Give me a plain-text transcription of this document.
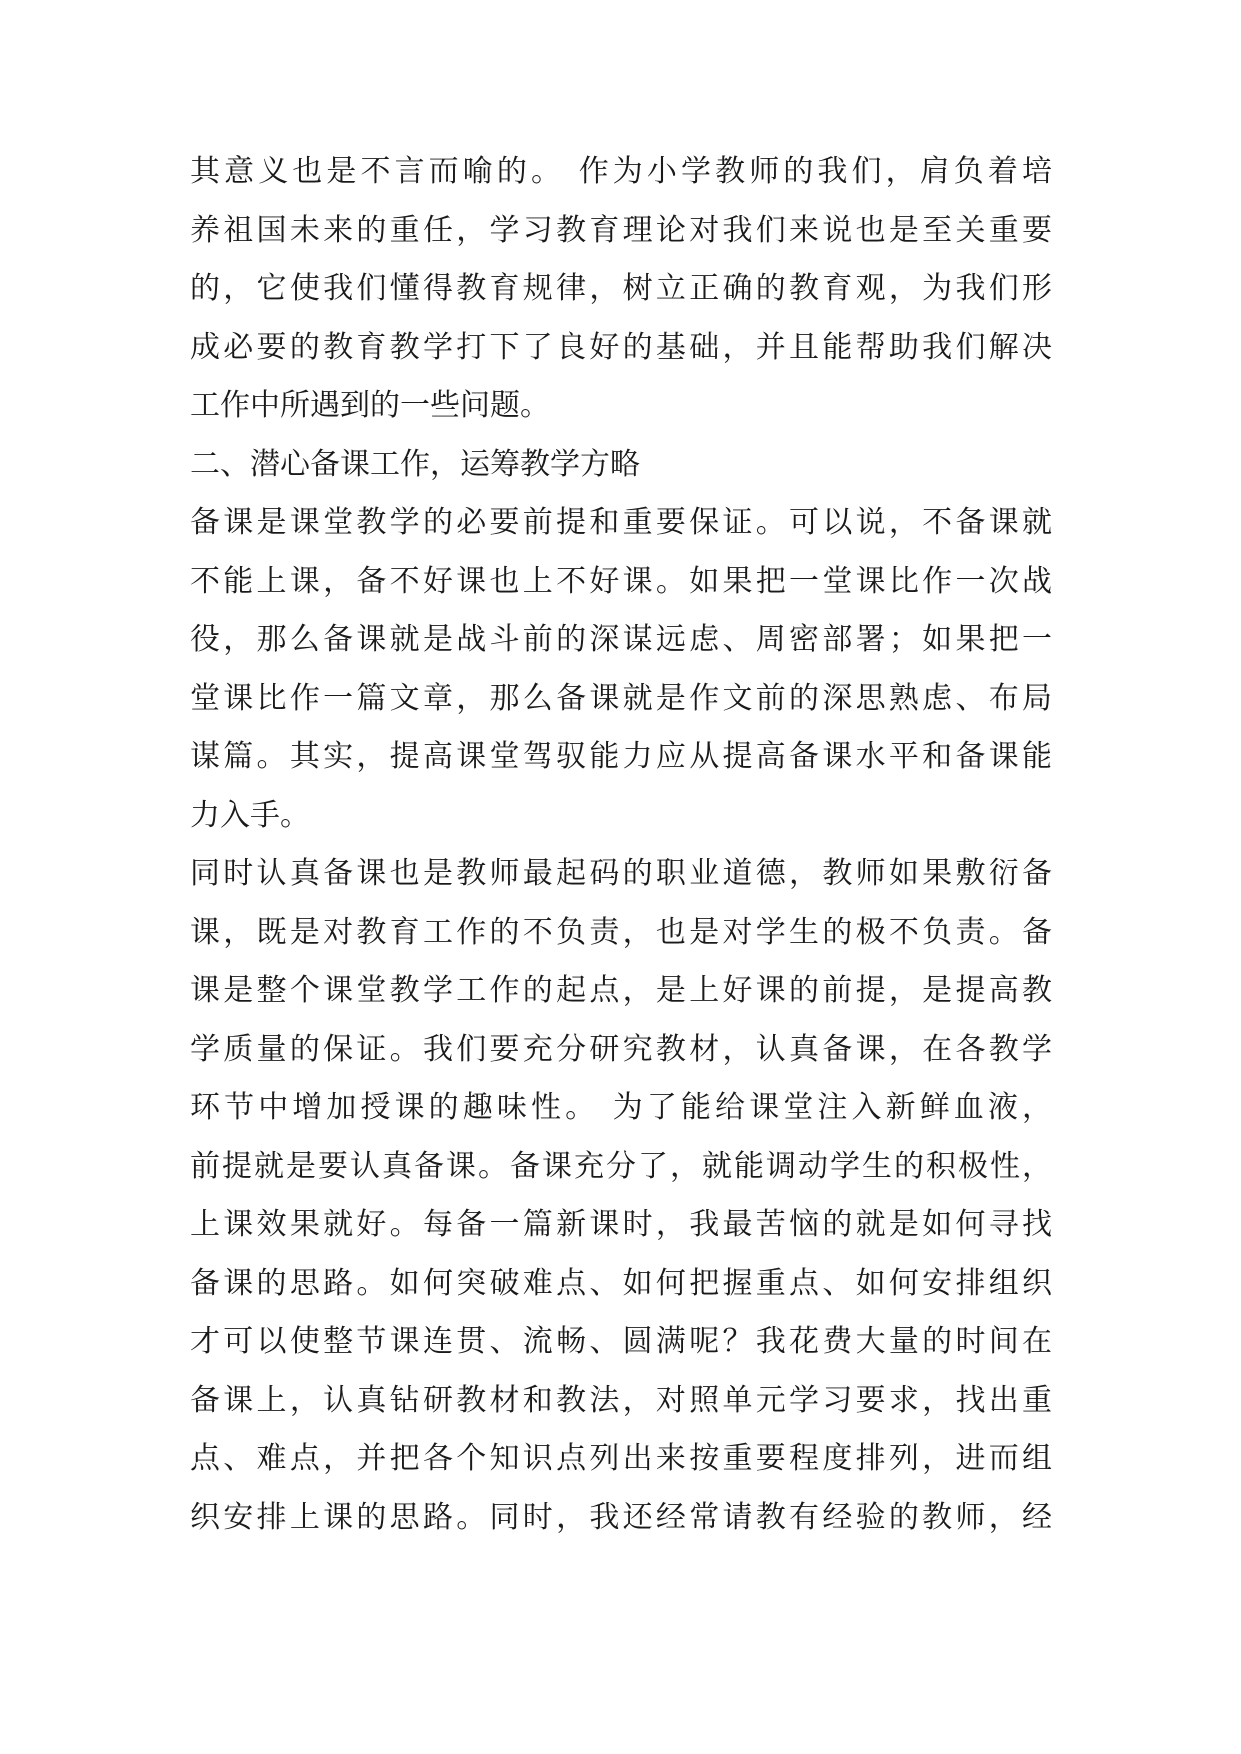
其意义也是不言而喻的。 作为小学教师的我们，肩负着培
养祖国未来的重任，学习教育理论对我们来说也是至关重要
的，它使我们懂得教育规律，树立正确的教育观，为我们形
成必要的教育教学打下了良好的基础，并且能帮助我们解决
工作中所遇到的一些问题。
二、潜心备课工作，运筹教学方略
备课是课堂教学的必要前提和重要保证。可以说，不备课就
不能上课，备不好课也上不好课。如果把一堂课比作一次战
役，那么备课就是战斗前的深谋远虑、周密部署；如果把一
堂课比作一篇文章，那么备课就是作文前的深思熟虑、布局
谋篇。其实，提高课堂驾驭能力应从提高备课水平和备课能
力入手。
同时认真备课也是教师最起码的职业道德，教师如果敷衍备
课，既是对教育工作的不负责，也是对学生的极不负责。备
课是整个课堂教学工作的起点，是上好课的前提，是提高教
学质量的保证。我们要充分研究教材，认真备课，在各教学
环节中增加授课的趣味性。 为了能给课堂注入新鲜血液，
前提就是要认真备课。备课充分了，就能调动学生的积极性，
上课效果就好。每备一篇新课时，我最苦恼的就是如何寻找
备课的思路。如何突破难点、如何把握重点、如何安排组织
才可以使整节课连贯、流畅、圆满呢？我花费大量的时间在
备课上，认真钻研教材和教法，对照单元学习要求，找出重
点、难点，并把各个知识点列出来按重要程度排列，进而组
织安排上课的思路。同时，我还经常请教有经验的教师，经
